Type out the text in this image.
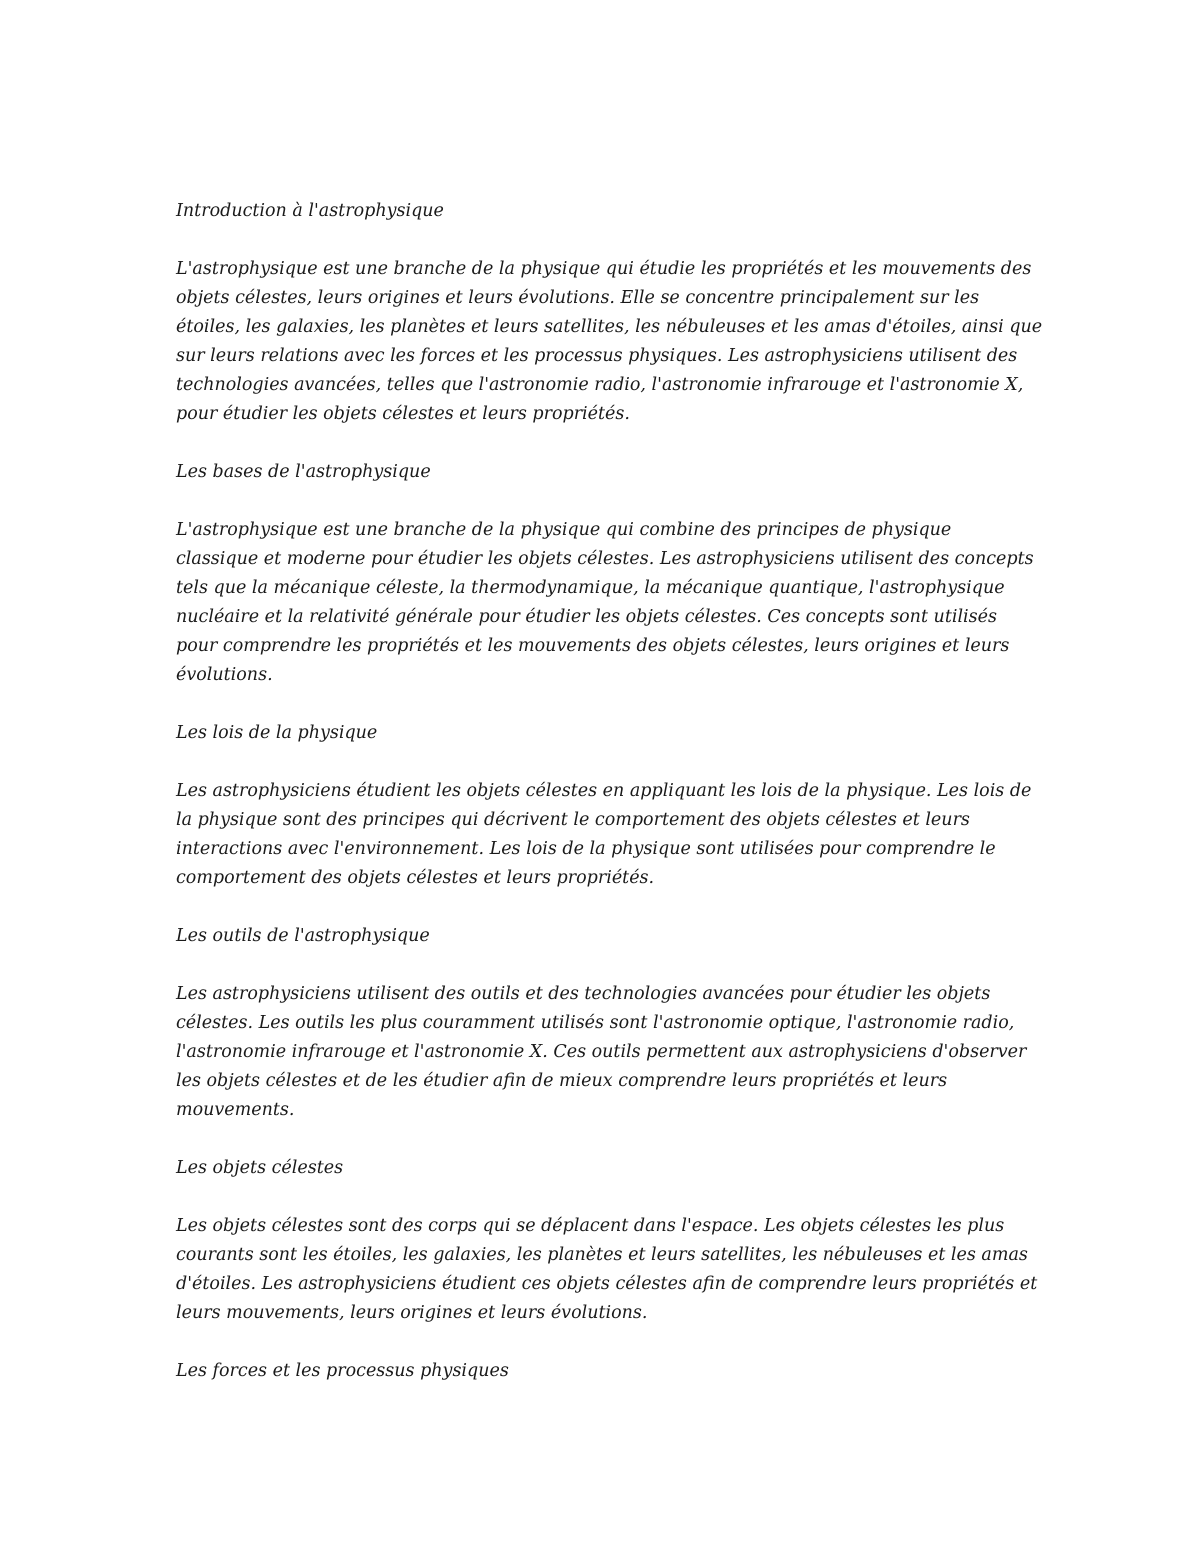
Introduction à l'astrophysique
L'astrophysique est une branche de la physique qui étudie les propriétés et les mouvements des
objets célestes, leurs origines et leurs évolutions. Elle se concentre principalement sur les
étoiles, les galaxies, les planètes et leurs satellites, les nébuleuses et les amas d'étoiles, ainsi que
sur leurs relations avec les forces et les processus physiques. Les astrophysiciens utilisent des
technologies avancées, telles que l'astronomie radio, l'astronomie infrarouge et l'astronomie X,
pour étudier les objets célestes et leurs propriétés.
Les bases de l'astrophysique
L'astrophysique est une branche de la physique qui combine des principes de physique
classique et moderne pour étudier les objets célestes. Les astrophysiciens utilisent des concepts
tels que la mécanique céleste, la thermodynamique, la mécanique quantique, l'astrophysique
nucléaire et la relativité générale pour étudier les objets célestes. Ces concepts sont utilisés
pour comprendre les propriétés et les mouvements des objets célestes, leurs origines et leurs
évolutions.
Les lois de la physique
Les astrophysiciens étudient les objets célestes en appliquant les lois de la physique. Les lois de
la physique sont des principes qui décrivent le comportement des objets célestes et leurs
interactions avec l'environnement. Les lois de la physique sont utilisées pour comprendre le
comportement des objets célestes et leurs propriétés.
Les outils de l'astrophysique
Les astrophysiciens utilisent des outils et des technologies avancées pour étudier les objets
célestes. Les outils les plus couramment utilisés sont l'astronomie optique, l'astronomie radio,
l'astronomie infrarouge et l'astronomie X. Ces outils permettent aux astrophysiciens d'observer
les objets célestes et de les étudier afin de mieux comprendre leurs propriétés et leurs
mouvements.
Les objets célestes
Les objets célestes sont des corps qui se déplacent dans l'espace. Les objets célestes les plus
courants sont les étoiles, les galaxies, les planètes et leurs satellites, les nébuleuses et les amas
d'étoiles. Les astrophysiciens étudient ces objets célestes afin de comprendre leurs propriétés et
leurs mouvements, leurs origines et leurs évolutions.
Les forces et les processus physiques
